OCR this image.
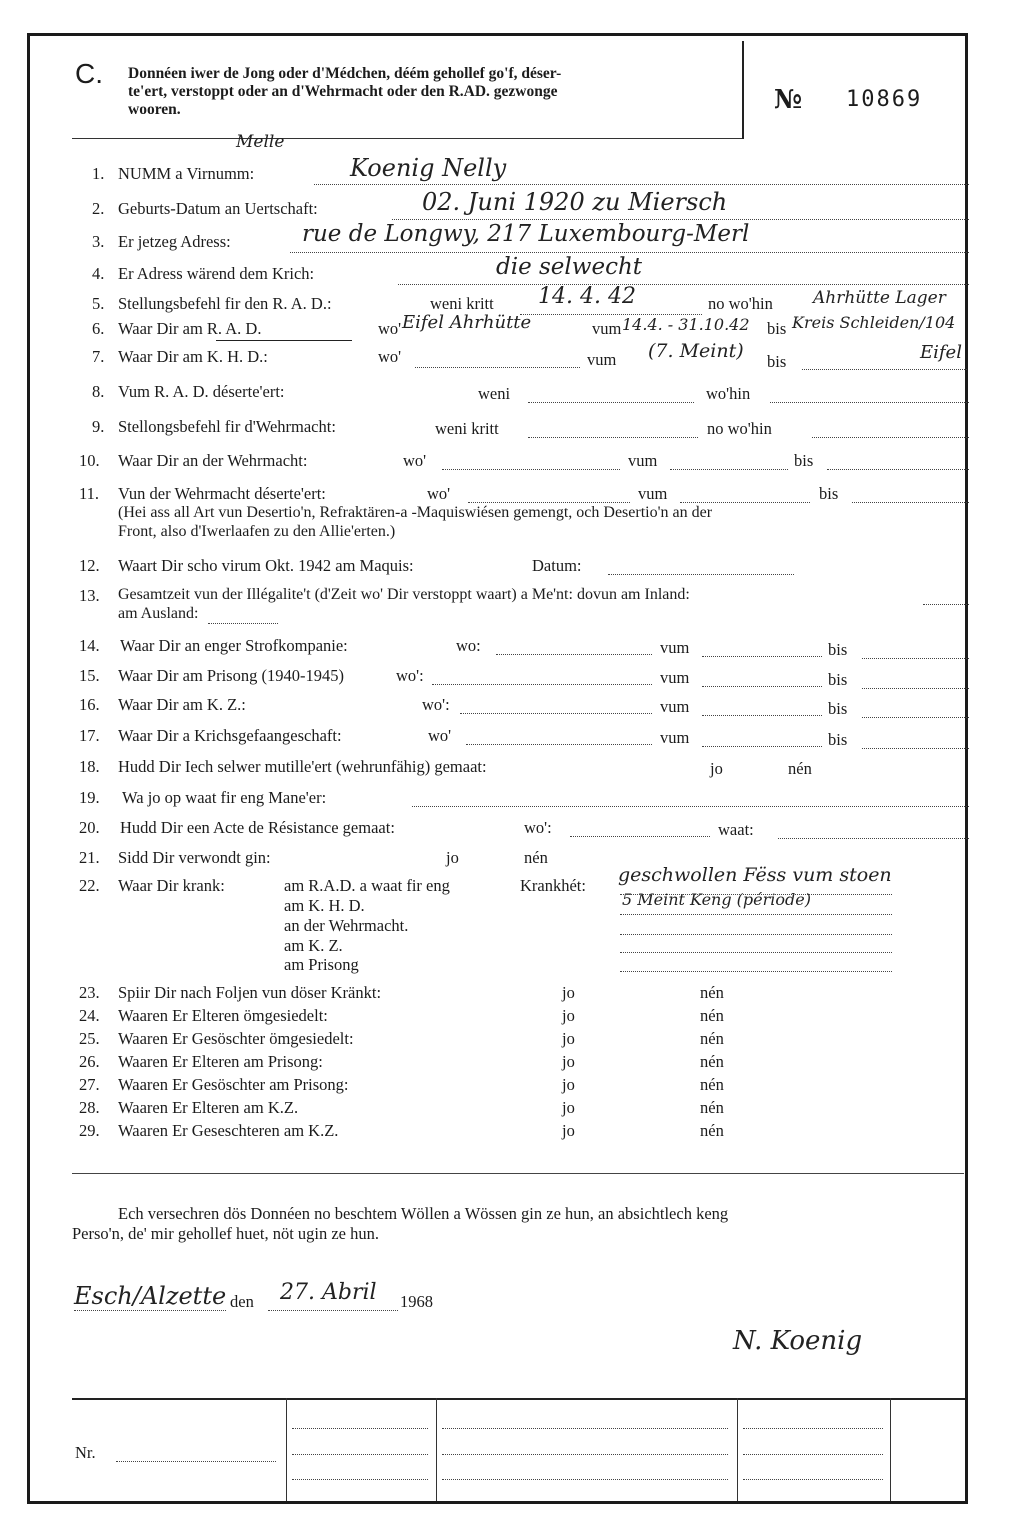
C. Donnéen iwer de Jong oder d'Médchen, déém gehollef go'f, déser-
te'ert, verstoppt oder an d'Wehrmacht oder den R.AD. gezwonge
wooren.	№ 10869
Melle
1. NUMM a Virnumm:	Koenig Nelly
2. Geburts-Datum an Uertschaft:	02. Juni 1920 zu Miersch
3. Er jetzeg Adress:	rue de Longwy, 217 Luxembourg-Merl
4. Er Adress wärend dem Krich:	die selwecht
5. Stellungsbefehl fir den R. A. D.:	weni kritt 14. 4. 42	no wo'hin Ahrhütte Lager
6. Waar Dir am R. A. D.	wo' Eifel Ahrhütte	vum 14.4. - 31.10.42 bis Kreis Schleiden/104
7. Waar Dir am K. H. D.:	wo'	vum (7. Meint) bis	Eifel
8. Vum R. A. D. déserte'ert:	weni	wo'hin
9. Stellongsbefehl fir d'Wehrmacht:	weni kritt	no wo'hin
10. Waar Dir an der Wehrmacht:	wo'	vum	bis
11. Vun der Wehrmacht déserte'ert:	wo'	vum	bis
(Hei ass all Art vun Desertio'n, Refraktären-a -Maquiswiésen gemengt, och Desertio'n an der
Front, also d'Iwerlaafen zu den Allie'erten.)
12. Waart Dir scho virum Okt. 1942 am Maquis:	Datum:
13. Gesamtzeit vun der Illégalite't (d'Zeit wo' Dir verstoppt waart) a Me'nt: dovun am Inland:
am Ausland:
14. Waar Dir an enger Strofkompanie:	wo:	vum	bis
15. Waar Dir am Prisong (1940-1945)	wo':	vum	bis
16. Waar Dir am K. Z.:	wo':	vum	bis
17. Waar Dir a Krichsgefaangeschaft:	wo'	vum	bis
18. Hudd Dir Iech selwer mutille'ert (wehrunfähig) gemaat:	jo	nén
19. Wa jo op waat fir eng Mane'er:
20. Hudd Dir een Acte de Résistance gemaat:	wo':	waat:
21. Sidd Dir verwondt gin:	jo	nén
22. Waar Dir krank:	am R.A.D. a waat fir eng	Krankhét: geschwollen Fëss vum stoen
5 Meint Keng (période)
am K. H. D.
an der Wehrmacht.
am K. Z.
am Prisong
23. Spiir Dir nach Foljen vun döser Kränkt:	jo	nén
24. Waaren Er Elteren ömgesiedelt:	jo	nén
25. Waaren Er Gesöschter ömgesiedelt:	jo	nén
26. Waaren Er Elteren am Prisong:	jo	nén
27. Waaren Er Gesöschter am Prisong:	jo	nén
28. Waaren Er Elteren am K.Z.	jo	nén
29. Waaren Er Geseschteren am K.Z.	jo	nén
Ech versechren dös Donnéen no beschtem Wöllen a Wössen gin ze hun, an absichtlech keng
Perso'n, de' mir gehollef huet, nöt ugin ze hun.
Esch/Alzette den 27. Abril 1968
N. Koenig
Nr.
